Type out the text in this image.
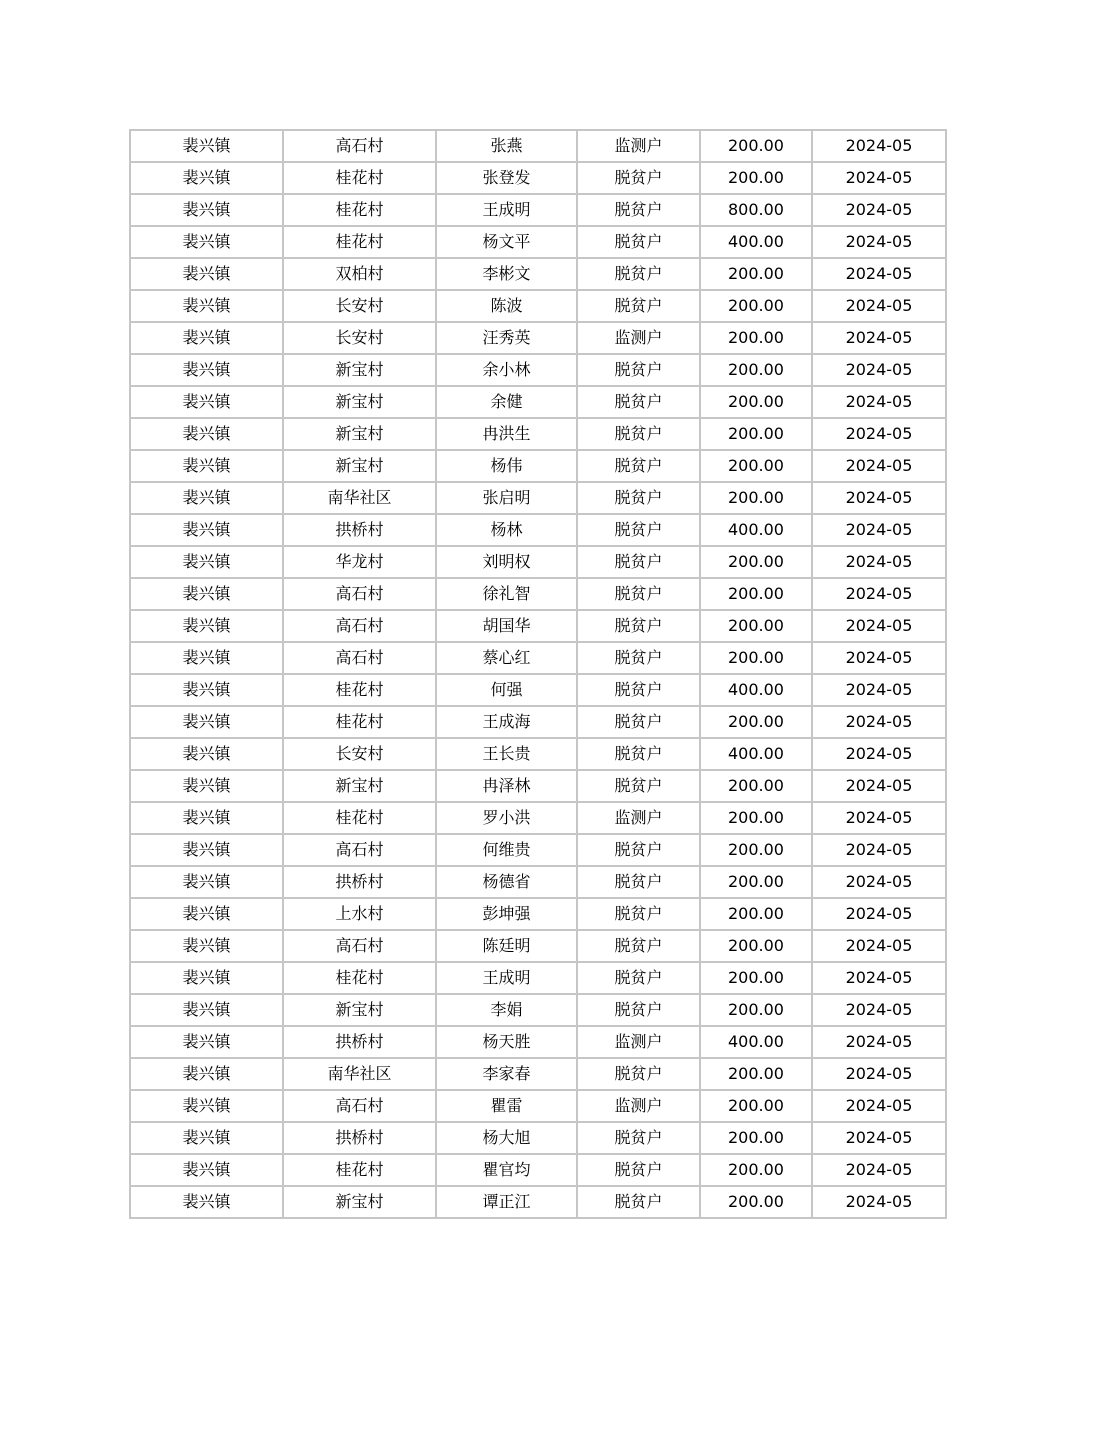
裴兴镇	高石村	张燕	监测户	200.00	2024-05
裴兴镇	桂花村	张登发	脱贫户	200.00	2024-05
裴兴镇	桂花村	王成明	脱贫户	800.00	2024-05
裴兴镇	桂花村	杨文平	脱贫户	400.00	2024-05
裴兴镇	双柏村	李彬文	脱贫户	200.00	2024-05
裴兴镇	长安村	陈波	脱贫户	200.00	2024-05
裴兴镇	长安村	汪秀英	监测户	200.00	2024-05
裴兴镇	新宝村	余小林	脱贫户	200.00	2024-05
裴兴镇	新宝村	余健	脱贫户	200.00	2024-05
裴兴镇	新宝村	冉洪生	脱贫户	200.00	2024-05
裴兴镇	新宝村	杨伟	脱贫户	200.00	2024-05
裴兴镇	南华社区	张启明	脱贫户	200.00	2024-05
裴兴镇	拱桥村	杨林	脱贫户	400.00	2024-05
裴兴镇	华龙村	刘明权	脱贫户	200.00	2024-05
裴兴镇	高石村	徐礼智	脱贫户	200.00	2024-05
裴兴镇	高石村	胡国华	脱贫户	200.00	2024-05
裴兴镇	高石村	蔡心红	脱贫户	200.00	2024-05
裴兴镇	桂花村	何强	脱贫户	400.00	2024-05
裴兴镇	桂花村	王成海	脱贫户	200.00	2024-05
裴兴镇	长安村	王长贵	脱贫户	400.00	2024-05
裴兴镇	新宝村	冉泽林	脱贫户	200.00	2024-05
裴兴镇	桂花村	罗小洪	监测户	200.00	2024-05
裴兴镇	高石村	何维贵	脱贫户	200.00	2024-05
裴兴镇	拱桥村	杨德省	脱贫户	200.00	2024-05
裴兴镇	上水村	彭坤强	脱贫户	200.00	2024-05
裴兴镇	高石村	陈廷明	脱贫户	200.00	2024-05
裴兴镇	桂花村	王成明	脱贫户	200.00	2024-05
裴兴镇	新宝村	李娟	脱贫户	200.00	2024-05
裴兴镇	拱桥村	杨天胜	监测户	400.00	2024-05
裴兴镇	南华社区	李家春	脱贫户	200.00	2024-05
裴兴镇	高石村	瞿雷	监测户	200.00	2024-05
裴兴镇	拱桥村	杨大旭	脱贫户	200.00	2024-05
裴兴镇	桂花村	瞿官均	脱贫户	200.00	2024-05
裴兴镇	新宝村	谭正江	脱贫户	200.00	2024-05
